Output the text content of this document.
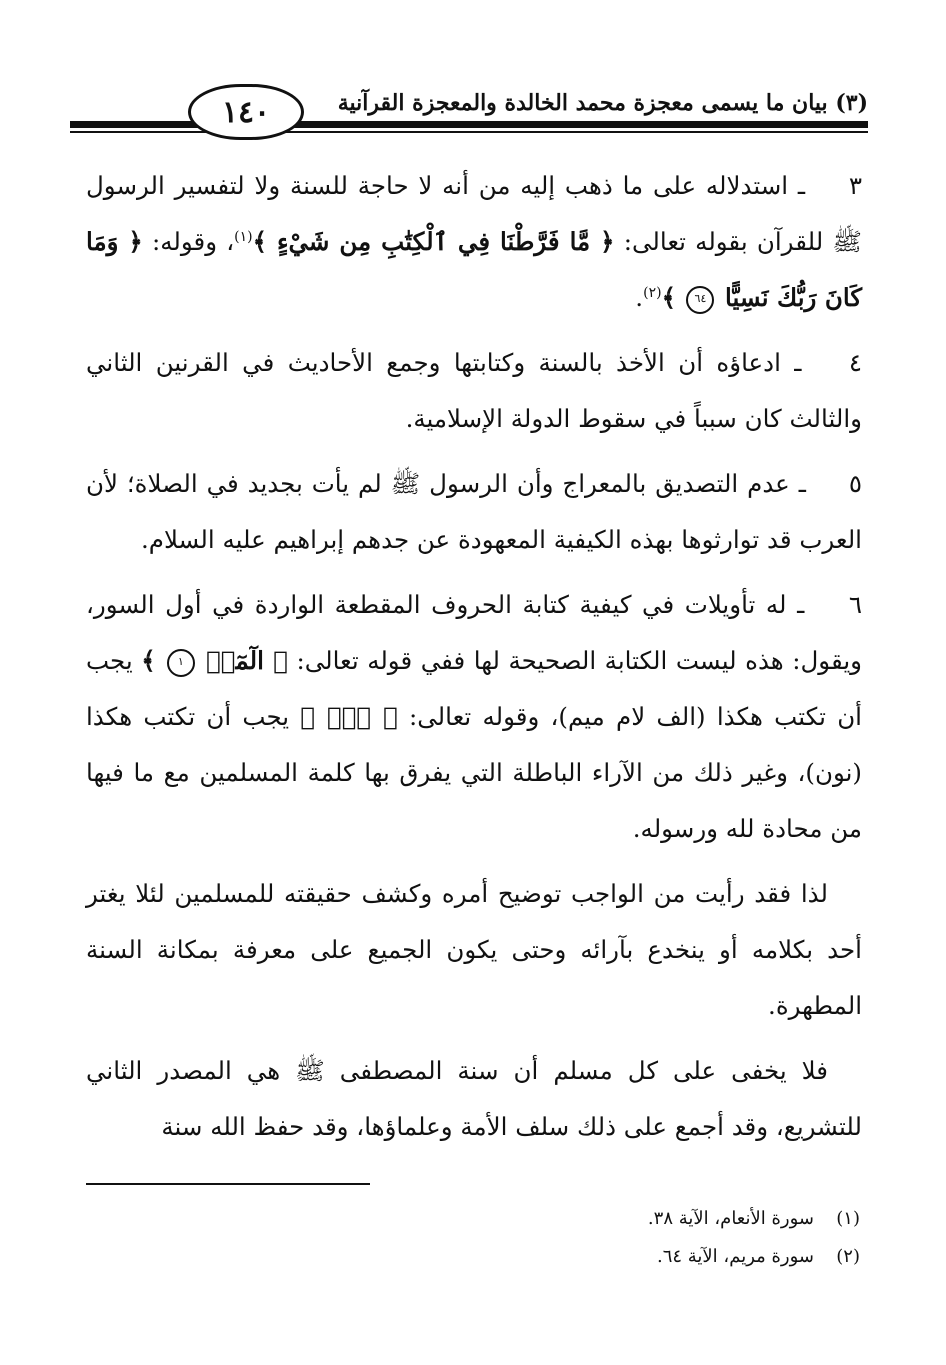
١٤٠	(٣) بيان ما يسمى معجزة محمد الخالدة والمعجزة القرآنية

٣ ـ استدلاله على ما ذهب إليه من أنه لا حاجة للسنة ولا لتفسير الرسول ﷺ للقرآن بقوله تعالى: ﴿ مَّا فَرَّطْنَا فِي ٱلْكِتَٰبِ مِن شَيْءٍ ﴾$^{(١)}$، وقوله: ﴿ وَمَا كَانَ رَبُّكَ نَسِيًّا ٦٤ ﴾$^{(٢)}$.

٤ ـ ادعاؤه أن الأخذ بالسنة وكتابتها وجمع الأحاديث في القرنين الثاني والثالث كان سبباً في سقوط الدولة الإسلامية.

٥ ـ عدم التصديق بالمعراج وأن الرسول ﷺ لم يأت بجديد في الصلاة؛ لأن العرب قد توارثوها بهذه الكيفية المعهودة عن جدهم إبراهيم عليه السلام.

٦ ـ له تأويلات في كيفية كتابة الحروف المقطعة الواردة في أول السور، ويقول: هذه ليست الكتابة الصحيحة لها ففي قوله تعالى: ﴿ الٓمٓرۚ ١ ﴾ يجب أن تكتب هكذا (الف لام ميم)، وقوله تعالى: ﴿ نٓۚ ﴾ يجب أن تكتب هكذا (نون)، وغير ذلك من الآراء الباطلة التي يفرق بها كلمة المسلمين مع ما فيها من محادة لله ورسوله.

لذا فقد رأيت من الواجب توضيح أمره وكشف حقيقته للمسلمين لئلا يغتر أحد بكلامه أو ينخدع بآرائه وحتى يكون الجميع على معرفة بمكانة السنة المطهرة.

فلا يخفى على كل مسلم أن سنة المصطفى ﷺ هي المصدر الثاني للتشريع، وقد أجمع على ذلك سلف الأمة وعلماؤها، وقد حفظ الله سنة

(١)
سورة الأنعام، الآية ٣٨.
(٢)
سورة مريم، الآية ٦٤.
